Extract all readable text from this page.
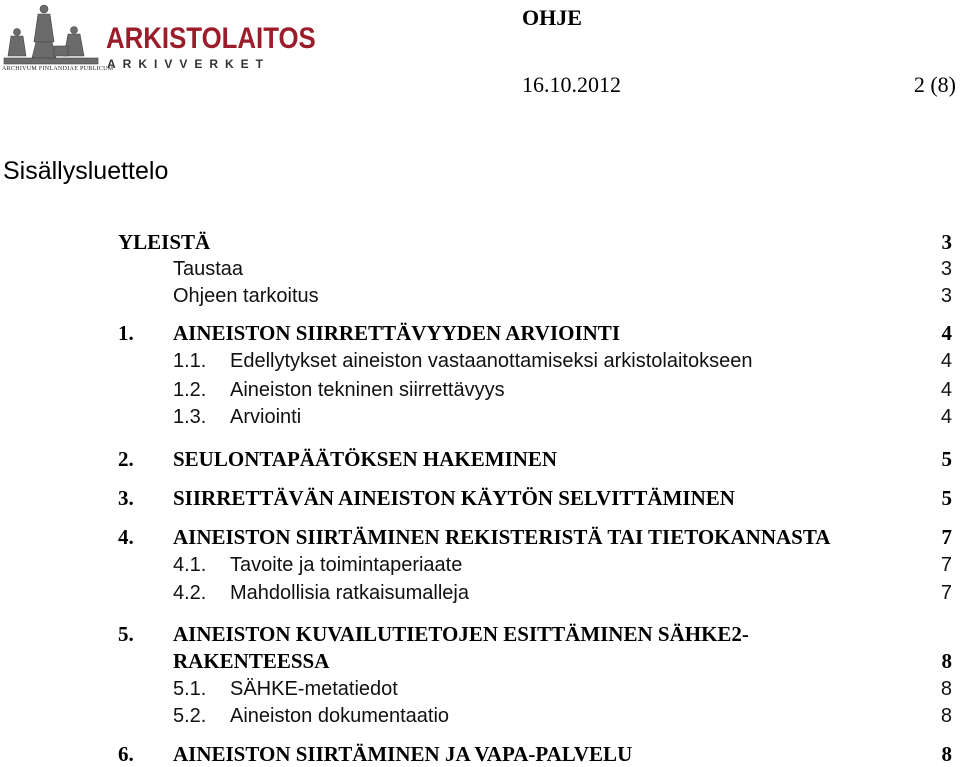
ARKISTOLAITOS
ARKIVVERKET
ARCHIVUM FINLANDIAE PUBLICUM
OHJE
16.10.2012	2 (8)
Sisällysluettelo
YLEISTÄ	3
Taustaa	3
Ohjeen tarkoitus	3
1. AINEISTON SIIRRETTÄVYYDEN ARVIOINTI	4
1.1. Edellytykset aineiston vastaanottamiseksi arkistolaitokseen	4
1.2. Aineiston tekninen siirrettävyys	4
1.3. Arviointi	4
2. SEULONTAPÄÄTÖKSEN HAKEMINEN	5
3. SIIRRETTÄVÄN AINEISTON KÄYTÖN SELVITTÄMINEN	5
4. AINEISTON SIIRTÄMINEN REKISTERISTÄ TAI TIETOKANNASTA	7
4.1. Tavoite ja toimintaperiaate	7
4.2. Mahdollisia ratkaisumalleja	7
5. AINEISTON KUVAILUTIETOJEN ESITTÄMINEN SÄHKE2-
RAKENTEESSA	8
5.1. SÄHKE-metatiedot	8
5.2. Aineiston dokumentaatio	8
6. AINEISTON SIIRTÄMINEN JA VAPA-PALVELU	8
